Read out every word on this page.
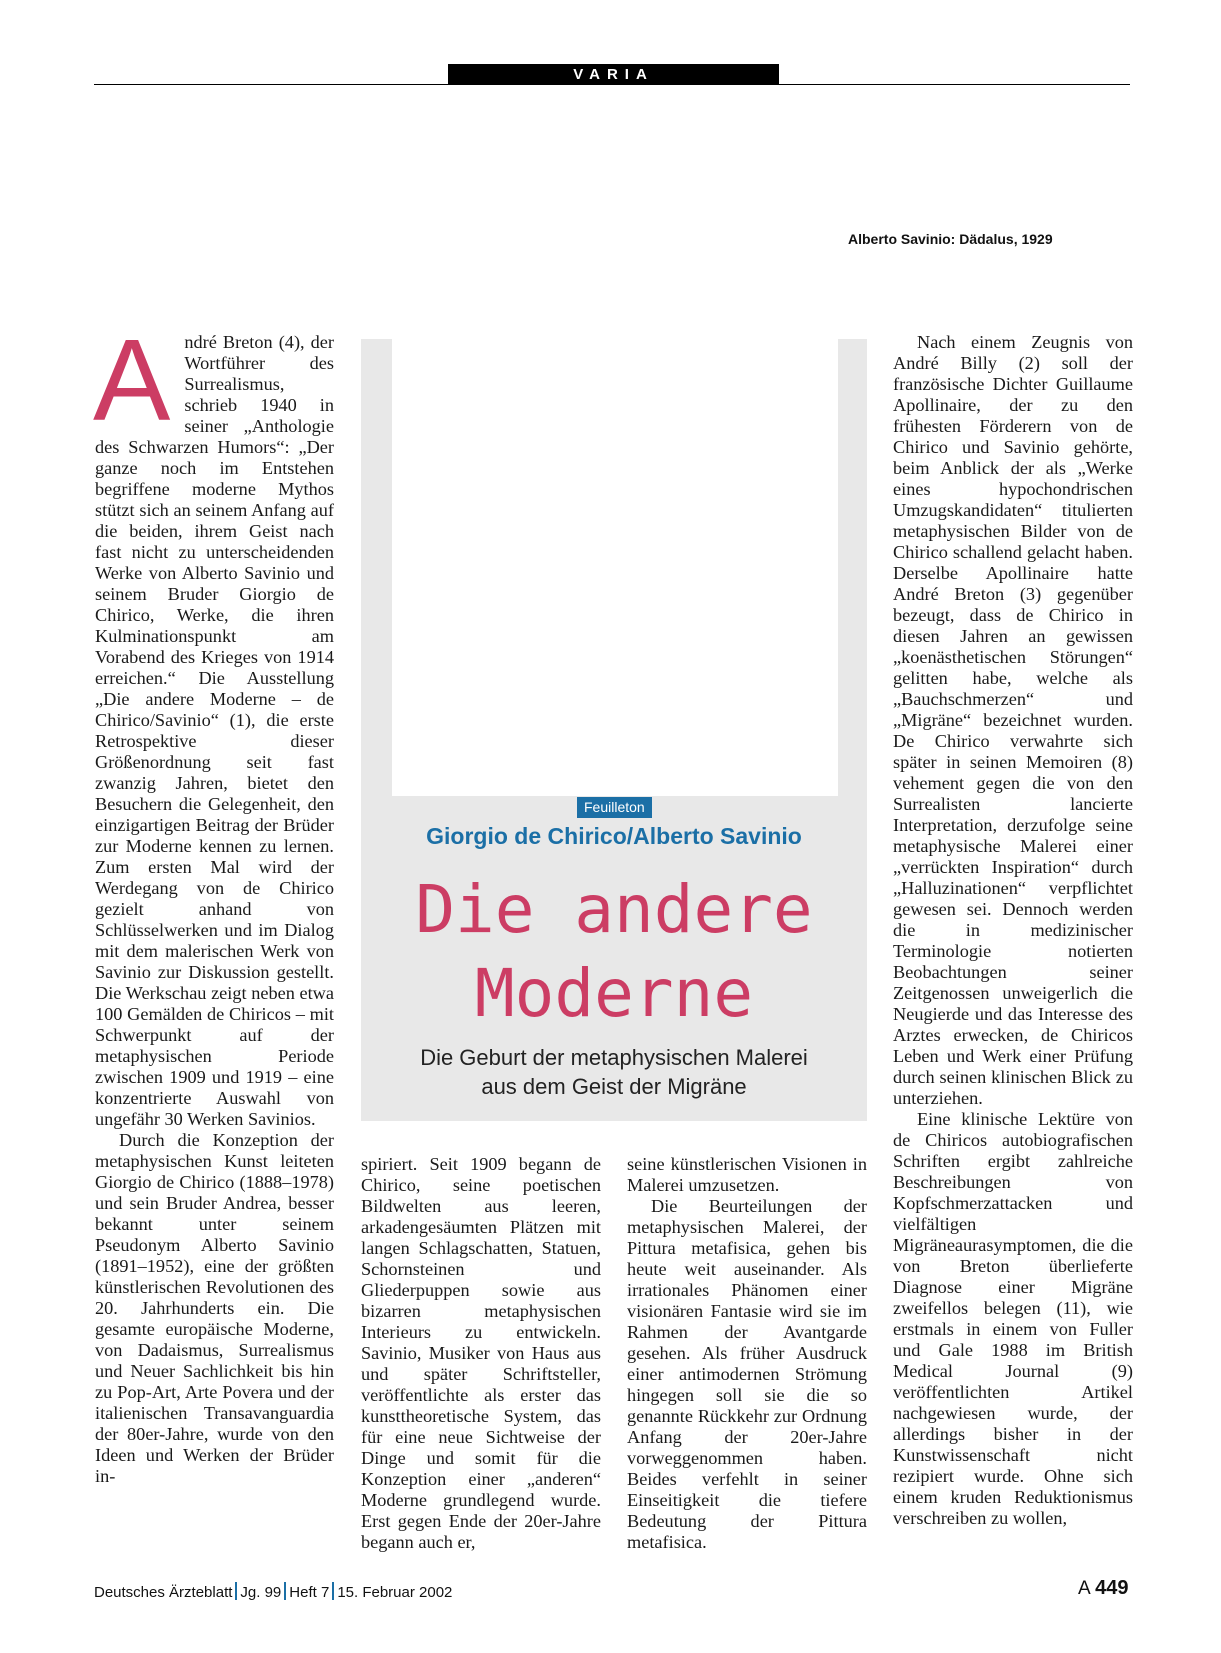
VARIA
Alberto Savinio: Dädalus, 1929
Feuilleton
Giorgio de Chirico/Alberto Savinio
Die andere
Moderne
Die Geburt der metaphysischen Malerei
aus dem Geist der Migräne
A ndré Breton (4), der Wortführer des Surrealismus, schrieb 1940 in seiner „Anthologie des Schwarzen Humors“: „Der ganze noch im Entstehen begriffene moderne Mythos stützt sich an seinem Anfang auf die beiden, ihrem Geist nach fast nicht zu unterscheidenden Werke von Alberto Savinio und seinem Bruder Giorgio de Chirico, Werke, die ihren Kulminationspunkt am Vorabend des Krieges von 1914 erreichen.“ Die Ausstellung „Die andere Moderne – de Chirico/Savinio“ (1), die erste Retrospektive dieser Größenordnung seit fast zwanzig Jahren, bietet den Besuchern die Gelegenheit, den einzigartigen Beitrag der Brüder zur Moderne kennen zu lernen. Zum ersten Mal wird der Werdegang von de Chirico gezielt anhand von Schlüsselwerken und im Dialog mit dem malerischen Werk von Savinio zur Diskussion gestellt. Die Werkschau zeigt neben etwa 100 Gemälden de Chiricos – mit Schwerpunkt auf der metaphysischen Periode zwischen 1909 und 1919 – eine konzentrierte Auswahl von ungefähr 30 Werken Savinios.

Durch die Konzeption der metaphysischen Kunst leiteten Giorgio de Chirico (1888–1978) und sein Bruder Andrea, besser bekannt unter seinem Pseudonym Alberto Savinio (1891–1952), eine der größten künstlerischen Revolutionen des 20. Jahrhunderts ein. Die gesamte europäische Moderne, von Dadaismus, Surrealismus und Neuer Sachlichkeit bis hin zu Pop-Art, Arte Povera und der italienischen Transavanguardia der 80er-Jahre, wurde von den Ideen und Werken der Brüder in-

spiriert. Seit 1909 begann de Chirico, seine poetischen Bildwelten aus leeren, arkadengesäumten Plätzen mit langen Schlagschatten, Statuen, Schornsteinen und Gliederpuppen sowie aus bizarren metaphysischen Interieurs zu entwickeln. Savinio, Musiker von Haus aus und später Schriftsteller, veröffentlichte als erster das kunsttheoretische System, das für eine neue Sichtweise der Dinge und somit für die Konzeption einer „anderen“ Moderne grundlegend wurde. Erst gegen Ende der 20er-Jahre begann auch er,

seine künstlerischen Visionen in Malerei umzusetzen.

Die Beurteilungen der metaphysischen Malerei, der Pittura metafisica, gehen bis heute weit auseinander. Als irrationales Phänomen einer visionären Fantasie wird sie im Rahmen der Avantgarde gesehen. Als früher Ausdruck einer antimodernen Strömung hingegen soll sie die so genannte Rückkehr zur Ordnung Anfang der 20er-Jahre vorweggenommen haben. Beides verfehlt in seiner Einseitigkeit die tiefere Bedeutung der Pittura metafisica.

Nach einem Zeugnis von André Billy (2) soll der französische Dichter Guillaume Apollinaire, der zu den frühesten Förderern von de Chirico und Savinio gehörte, beim Anblick der als „Werke eines hypochondrischen Umzugskandidaten“ titulierten metaphysischen Bilder von de Chirico schallend gelacht haben. Derselbe Apollinaire hatte André Breton (3) gegenüber bezeugt, dass de Chirico in diesen Jahren an gewissen „koenästhetischen Störungen“ gelitten habe, welche als „Bauchschmerzen“ und „Migräne“ bezeichnet wurden. De Chirico verwahrte sich später in seinen Memoiren (8) vehement gegen die von den Surrealisten lancierte Interpretation, derzufolge seine metaphysische Malerei einer „verrückten Inspiration“ durch „Halluzinationen“ verpflichtet gewesen sei. Dennoch werden die in medizinischer Terminologie notierten Beobachtungen seiner Zeitgenossen unweigerlich die Neugierde und das Interesse des Arztes erwecken, de Chiricos Leben und Werk einer Prüfung durch seinen klinischen Blick zu unterziehen.

Eine klinische Lektüre von de Chiricos autobiografischen Schriften ergibt zahlreiche Beschreibungen von Kopfschmerzattacken und vielfältigen Migräneaurasymptomen, die die von Breton überlieferte Diagnose einer Migräne zweifellos belegen (11), wie erstmals in einem von Fuller und Gale 1988 im British Medical Journal (9) veröffentlichten Artikel nachgewiesen wurde, der allerdings bisher in der Kunstwissenschaft nicht rezipiert wurde. Ohne sich einem kruden Reduktionismus verschreiben zu wollen,

Deutsches Ärzteblatt Jg. 99 Heft 7 15. Februar 2002	A 449
